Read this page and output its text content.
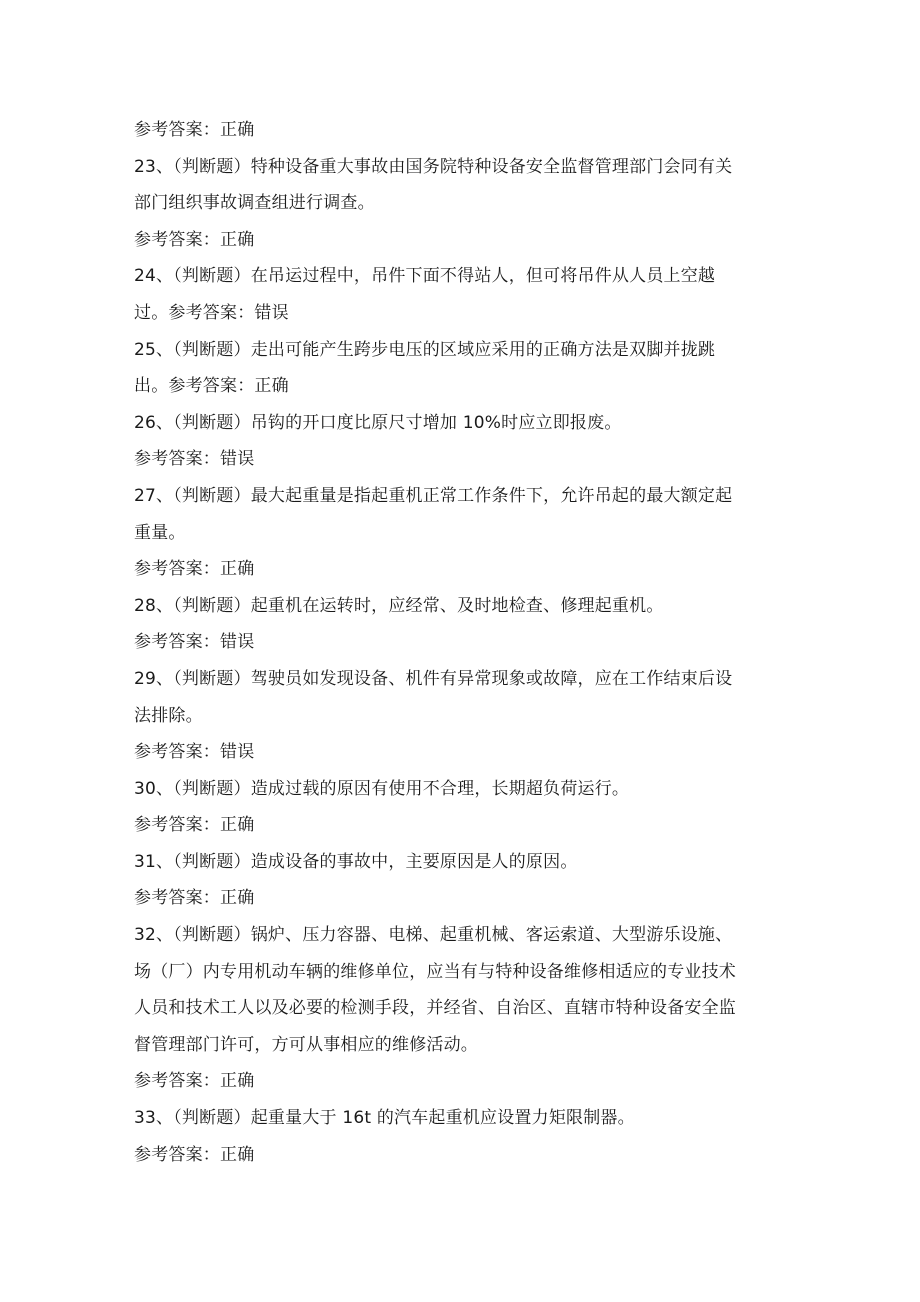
参考答案：正确
23、（判断题）特种设备重大事故由国务院特种设备安全监督管理部门会同有关
部门组织事故调查组进行调查。
参考答案：正确
24、（判断题）在吊运过程中，吊件下面不得站人，但可将吊件从人员上空越
过。参考答案：错误
25、（判断题）走出可能产生跨步电压的区域应采用的正确方法是双脚并拢跳
出。参考答案：正确
26、（判断题）吊钩的开口度比原尺寸增加 10%时应立即报废。
参考答案：错误
27、（判断题）最大起重量是指起重机正常工作条件下，允许吊起的最大额定起
重量。
参考答案：正确
28、（判断题）起重机在运转时，应经常、及时地检查、修理起重机。
参考答案：错误
29、（判断题）驾驶员如发现设备、机件有异常现象或故障，应在工作结束后设
法排除。
参考答案：错误
30、（判断题）造成过载的原因有使用不合理，长期超负荷运行。
参考答案：正确
31、（判断题）造成设备的事故中，主要原因是人的原因。
参考答案：正确
32、（判断题）锅炉、压力容器、电梯、起重机械、客运索道、大型游乐设施、
场（厂）内专用机动车辆的维修单位，应当有与特种设备维修相适应的专业技术
人员和技术工人以及必要的检测手段，并经省、自治区、直辖市特种设备安全监
督管理部门许可，方可从事相应的维修活动。
参考答案：正确
33、（判断题）起重量大于 16t 的汽车起重机应设置力矩限制器。
参考答案：正确
